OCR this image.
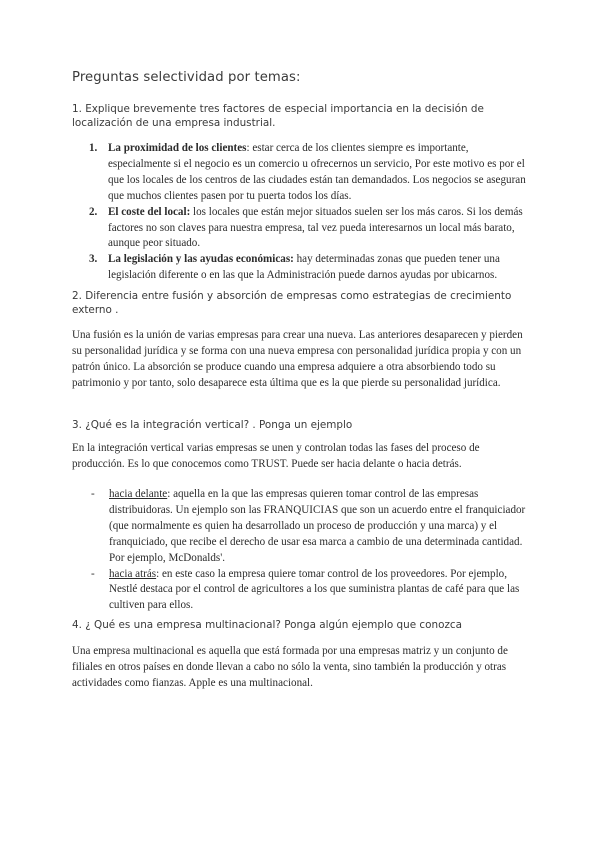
Preguntas selectividad por temas:
1. Explique brevemente tres factores de especial importancia en la decisión de localización de una empresa industrial.
1. La proximidad de los clientes: estar cerca de los clientes siempre es importante, especialmente si el negocio es un comercio u ofrecernos un servicio, Por este motivo es por el que los locales de los centros de las ciudades están tan demandados. Los negocios se aseguran que muchos clientes pasen por tu puerta todos los días.
2. El coste del local: los locales que están mejor situados suelen ser los más caros. Si los demás factores no son claves para nuestra empresa, tal vez pueda interesarnos un local más barato, aunque peor situado.
3. La legislación y las ayudas económicas: hay determinadas zonas que pueden tener una legislación diferente o en las que la Administración puede darnos ayudas por ubicarnos.
2. Diferencia entre fusión y absorción de empresas como estrategias de crecimiento externo .

Una fusión es la unión de varias empresas para crear una nueva. Las anteriores desaparecen y pierden su personalidad jurídica y se forma con una nueva empresa con personalidad jurídica propia y con un patrón único. La absorción se produce cuando una empresa adquiere a otra absorbiendo todo su patrimonio y por tanto, solo desaparece esta última que es la que pierde su personalidad jurídica.

3. ¿Qué es la integración vertical? . Ponga un ejemplo

En la integración vertical varias empresas se unen y controlan todas las fases del proceso de producción. Es lo que conocemos como TRUST. Puede ser hacia delante o hacia detrás.

- hacia delante: aquella en la que las empresas quieren tomar control de las empresas distribuidoras. Un ejemplo son las FRANQUICIAS que son un acuerdo entre el franquiciador (que normalmente es quien ha desarrollado un proceso de producción y una marca) y el franquiciado, que recibe el derecho de usar esa marca a cambio de una determinada cantidad. Por ejemplo, McDonalds'.
- hacia atrás: en este caso la empresa quiere tomar control de los proveedores. Por ejemplo, Nestlé destaca por el control de agricultores a los que suministra plantas de café para que las cultiven para ellos.
4. ¿ Qué es una empresa multinacional? Ponga algún ejemplo que conozca

Una empresa multinacional es aquella que está formada por una empresas matriz y un conjunto de filiales en otros países en donde llevan a cabo no sólo la venta, sino también la producción y otras actividades como fianzas. Apple es una multinacional.
